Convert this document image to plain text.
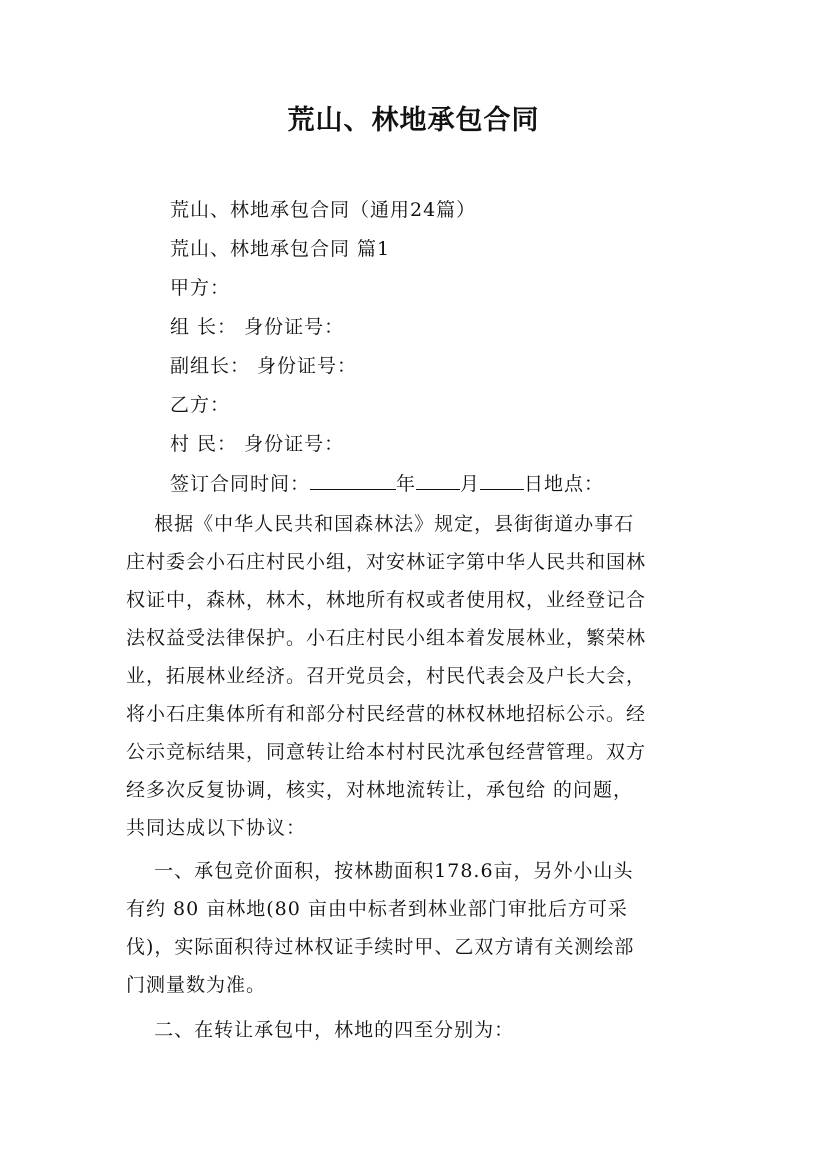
荒山、林地承包合同
荒山、林地承包合同（通用24篇）
荒山、林地承包合同 篇1
甲方：
组 长： 身份证号：
副组长： 身份证号：
乙方：
村 民： 身份证号：
签订合同时间：	年 月 日地点：
根据《中华人民共和国森林法》规定，县街街道办事石
庄村委会小石庄村民小组，对安林证字第中华人民共和国林
权证中，森林，林木，林地所有权或者使用权，业经登记合
法权益受法律保护。小石庄村民小组本着发展林业，繁荣林
业，拓展林业经济。召开党员会，村民代表会及户长大会，
将小石庄集体所有和部分村民经营的林权林地招标公示。经
公示竞标结果，同意转让给本村村民沈承包经营管理。双方
经多次反复协调，核实，对林地流转让，承包给 的问题，
共同达成以下协议：
一、承包竞价面积，按林勘面积178.6亩，另外小山头
有约 80 亩林地(80 亩由中标者到林业部门审批后方可采
伐)，实际面积待过林权证手续时甲、乙双方请有关测绘部
门测量数为准。
二、在转让承包中，林地的四至分别为：
